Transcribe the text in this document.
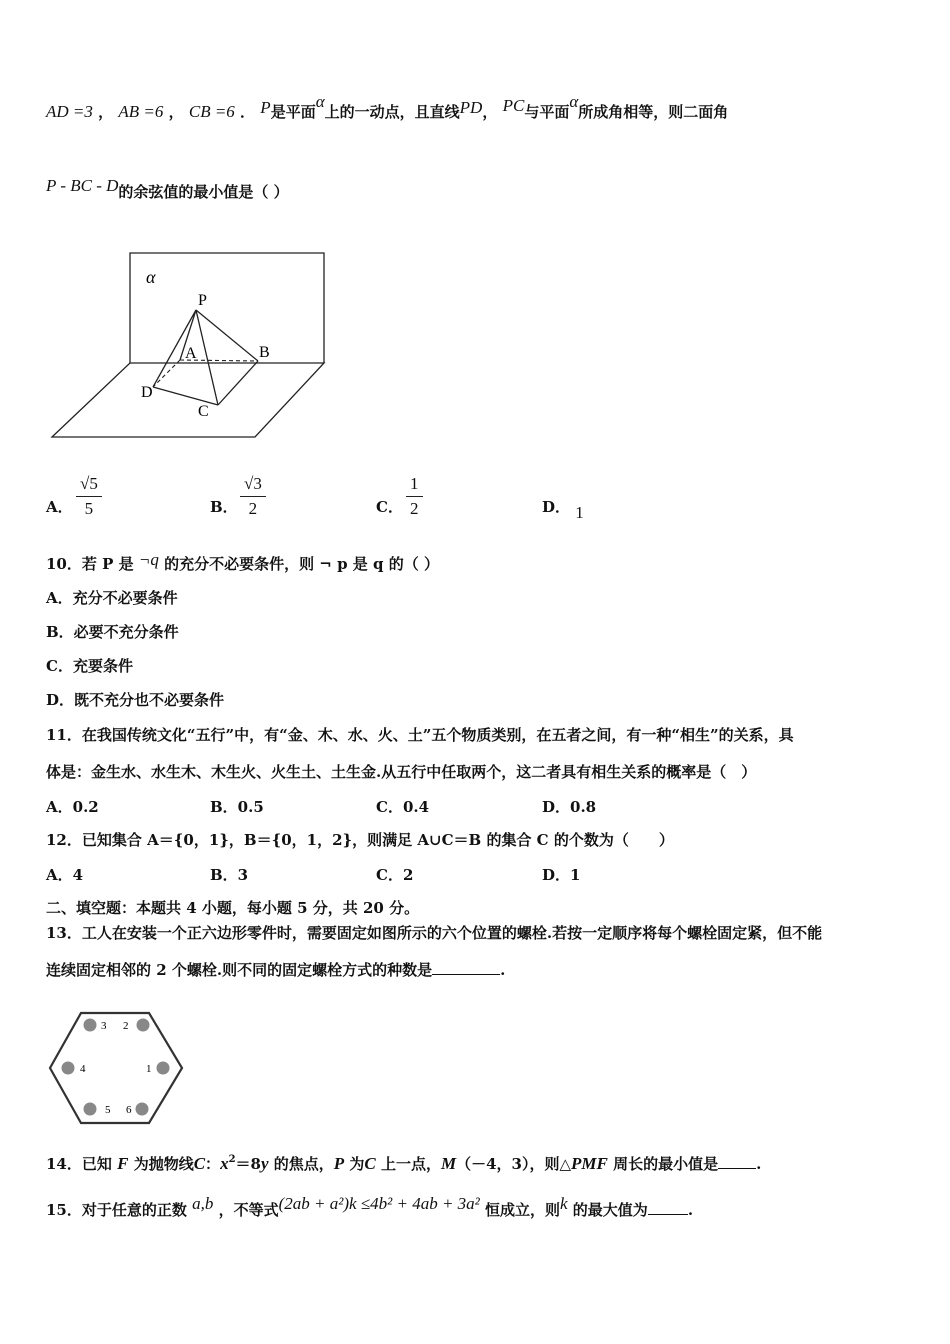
AD =3 ， AB =6 ， CB =6 ． P是平面α上的一动点，且直线PD， PC与平面α所成角相等，则二面角
P - BC - D的余弦值的最小值是（ ）
α
P
A	B
D
C
A．
√5
5	B．
√3
2	C．
1
2	D． 1
10．若 P 是 ¬q 的充分不必要条件，则 ¬ p 是 q 的（ ）
A．充分不必要条件
B．必要不充分条件
C．充要条件
D．既不充分也不必要条件
11．在我国传统文化“五行”中，有“金、木、水、火、土”五个物质类别，在五者之间，有一种“相生”的关系，具
体是：金生水、水生木、木生火、火生土、土生金.从五行中任取两个，这二者具有相生关系的概率是（　）
A．0.2	B．0.5	C．0.4	D．0.8
12．已知集合 A＝{0，1}，B＝{0，1，2}，则满足 A∪C＝B 的集合 C 的个数为（　　）
A．4	B．3	C．2	D．1
二、填空题：本题共 4 小题，每小题 5 分，共 20 分。
13．工人在安装一个正六边形零件时，需要固定如图所示的六个位置的螺栓.若按一定顺序将每个螺栓固定紧，但不能
连续固定相邻的 2 个螺栓.则不同的固定螺栓方式的种数是	.
3 2
4	1
5 6
14．已知 F 为抛物线C：$x^2=8y$ 的焦点，P 为C 上一点，M（－4，3），则△PMF 周长的最小值是	.
15．对于任意的正数 a,b ，不等式(2ab + a²)k ≤4b² + 4ab + 3a² 恒成立，则k 的最大值为	.
